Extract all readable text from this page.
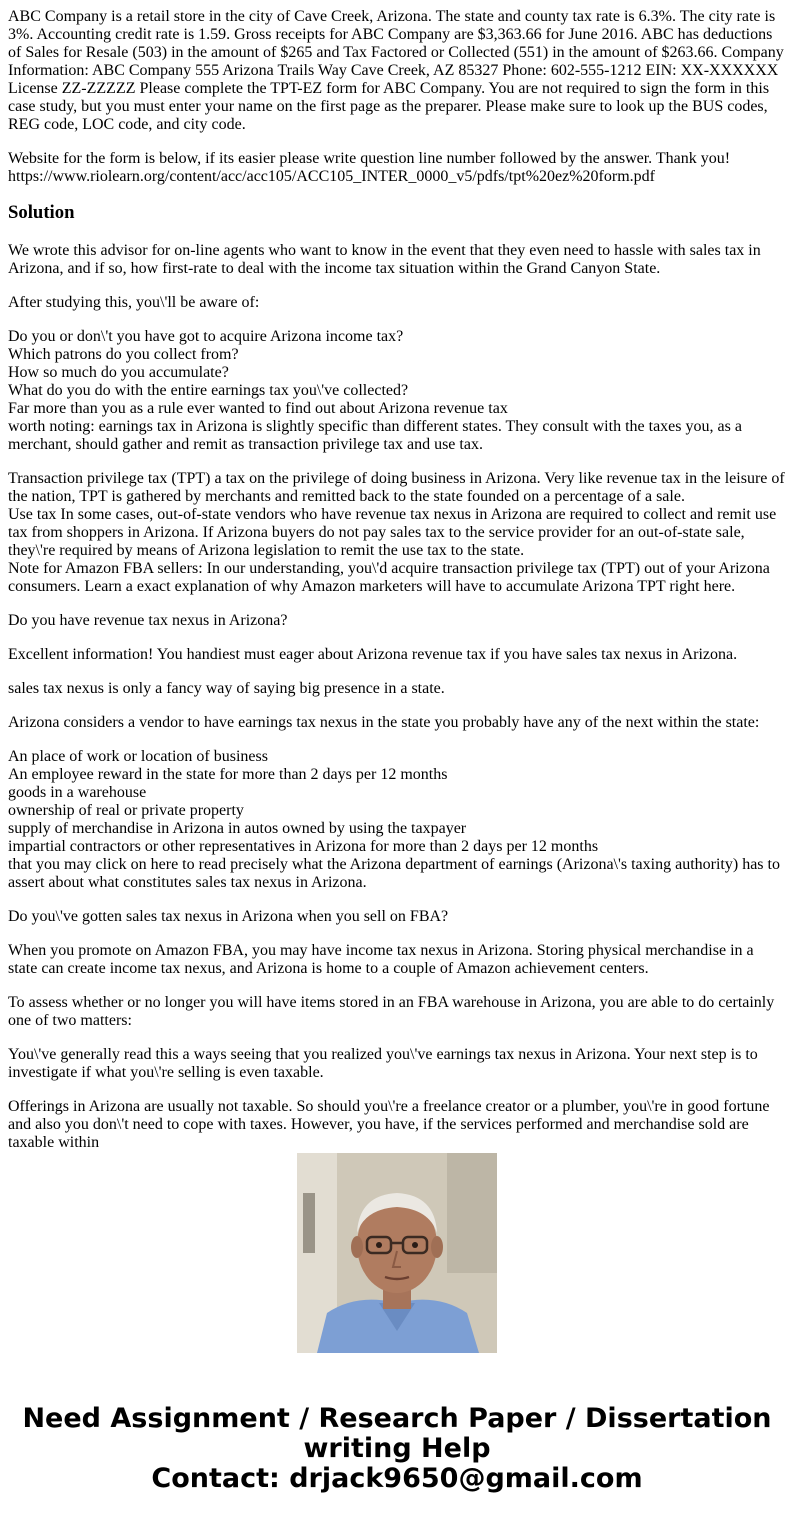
ABC Company is a retail store in the city of Cave Creek, Arizona. The state and county tax rate is 6.3%. The city rate is 3%. Accounting credit rate is 1.59. Gross receipts for ABC Company are $3,363.66 for June 2016. ABC has deductions of Sales for Resale (503) in the amount of $265 and Tax Factored or Collected (551) in the amount of $263.66. Company Information: ABC Company 555 Arizona Trails Way Cave Creek, AZ 85327 Phone: 602-555-1212 EIN: XX-XXXXXX License ZZ-ZZZZZ Please complete the TPT-EZ form for ABC Company. You are not required to sign the form in this case study, but you must enter your name on the first page as the preparer. Please make sure to look up the BUS codes, REG code, LOC code, and city code.

Website for the form is below, if its easier please write question line number followed by the answer. Thank you!
https://www.riolearn.org/content/acc/acc105/ACC105_INTER_0000_v5/pdfs/tpt%20ez%20form.pdf

Solution

We wrote this advisor for on-line agents who want to know in the event that they even need to hassle with sales tax in Arizona, and if so, how first-rate to deal with the income tax situation within the Grand Canyon State.

After studying this, you\'ll be aware of:

Do you or don\'t you have got to acquire Arizona income tax?
Which patrons do you collect from?
How so much do you accumulate?
What do you do with the entire earnings tax you\'ve collected?
Far more than you as a rule ever wanted to find out about Arizona revenue tax
worth noting: earnings tax in Arizona is slightly specific than different states. They consult with the taxes you, as a merchant, should gather and remit as transaction privilege tax and use tax.

Transaction privilege tax (TPT) a tax on the privilege of doing business in Arizona. Very like revenue tax in the leisure of the nation, TPT is gathered by merchants and remitted back to the state founded on a percentage of a sale.
Use tax In some cases, out-of-state vendors who have revenue tax nexus in Arizona are required to collect and remit use tax from shoppers in Arizona. If Arizona buyers do not pay sales tax to the service provider for an out-of-state sale, they\'re required by means of Arizona legislation to remit the use tax to the state.
Note for Amazon FBA sellers: In our understanding, you\'d acquire transaction privilege tax (TPT) out of your Arizona consumers. Learn a exact explanation of why Amazon marketers will have to accumulate Arizona TPT right here.

Do you have revenue tax nexus in Arizona?

Excellent information! You handiest must eager about Arizona revenue tax if you have sales tax nexus in Arizona.

sales tax nexus is only a fancy way of saying big presence in a state.

Arizona considers a vendor to have earnings tax nexus in the state you probably have any of the next within the state:

An place of work or location of business
An employee reward in the state for more than 2 days per 12 months
goods in a warehouse
ownership of real or private property
supply of merchandise in Arizona in autos owned by using the taxpayer
impartial contractors or other representatives in Arizona for more than 2 days per 12 months
that you may click on here to read precisely what the Arizona department of earnings (Arizona\'s taxing authority) has to assert about what constitutes sales tax nexus in Arizona.

Do you\'ve gotten sales tax nexus in Arizona when you sell on FBA?

When you promote on Amazon FBA, you may have income tax nexus in Arizona. Storing physical merchandise in a state can create income tax nexus, and Arizona is home to a couple of Amazon achievement centers.

To assess whether or no longer you will have items stored in an FBA warehouse in Arizona, you are able to do certainly one of two matters:

You\'ve generally read this a ways seeing that you realized you\'ve earnings tax nexus in Arizona. Your next step is to investigate if what you\'re selling is even taxable.

Offerings in Arizona are usually not taxable. So should you\'re a freelance creator or a plumber, you\'re in good fortune and also you don\'t need to cope with taxes. However, you have, if the services performed and merchandise sold are taxable within

Need Assignment / Research Paper / Dissertation
writing Help
Contact: drjack9650@gmail.com
